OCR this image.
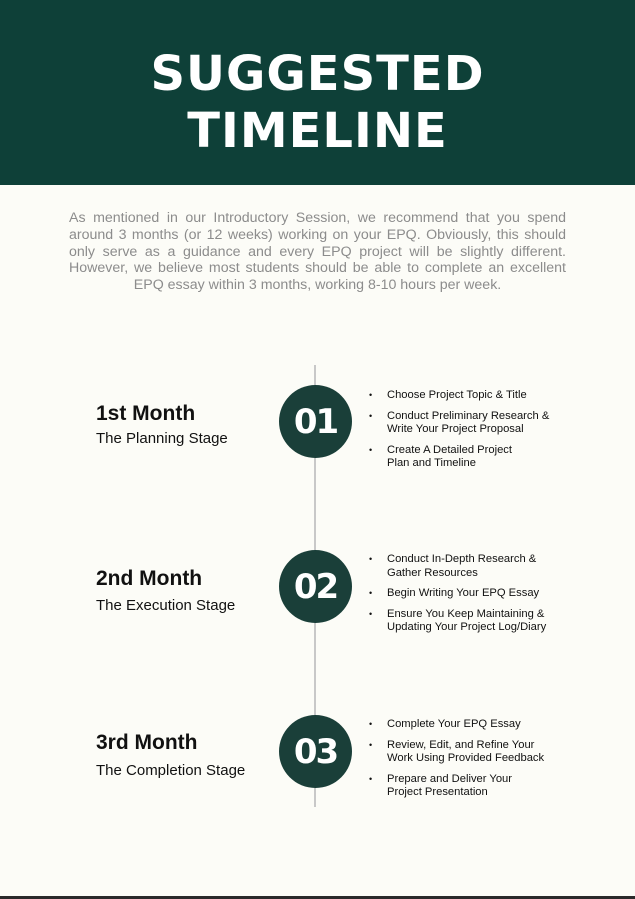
SUGGESTED
TIMELINE
As mentioned in our Introductory Session, we recommend that you spend around 3 months (or 12 weeks) working on your EPQ. Obviously, this should only serve as a guidance and every EPQ project will be slightly different. However, we believe most students should be able to complete an excellent EPQ essay within 3 months, working 8-10 hours per week.
1st Month
The Planning Stage	01
• Choose Project Topic & Title
• Conduct Preliminary Research & Write Your Project Proposal
• Create A Detailed Project Plan and Timeline
2nd Month
The Execution Stage	02
• Conduct In-Depth Research & Gather Resources
• Begin Writing Your EPQ Essay
• Ensure You Keep Maintaining & Updating Your Project Log/Diary
3rd Month
The Completion Stage	03
• Complete Your EPQ Essay
• Review, Edit, and Refine Your Work Using Provided Feedback
• Prepare and Deliver Your Project Presentation
